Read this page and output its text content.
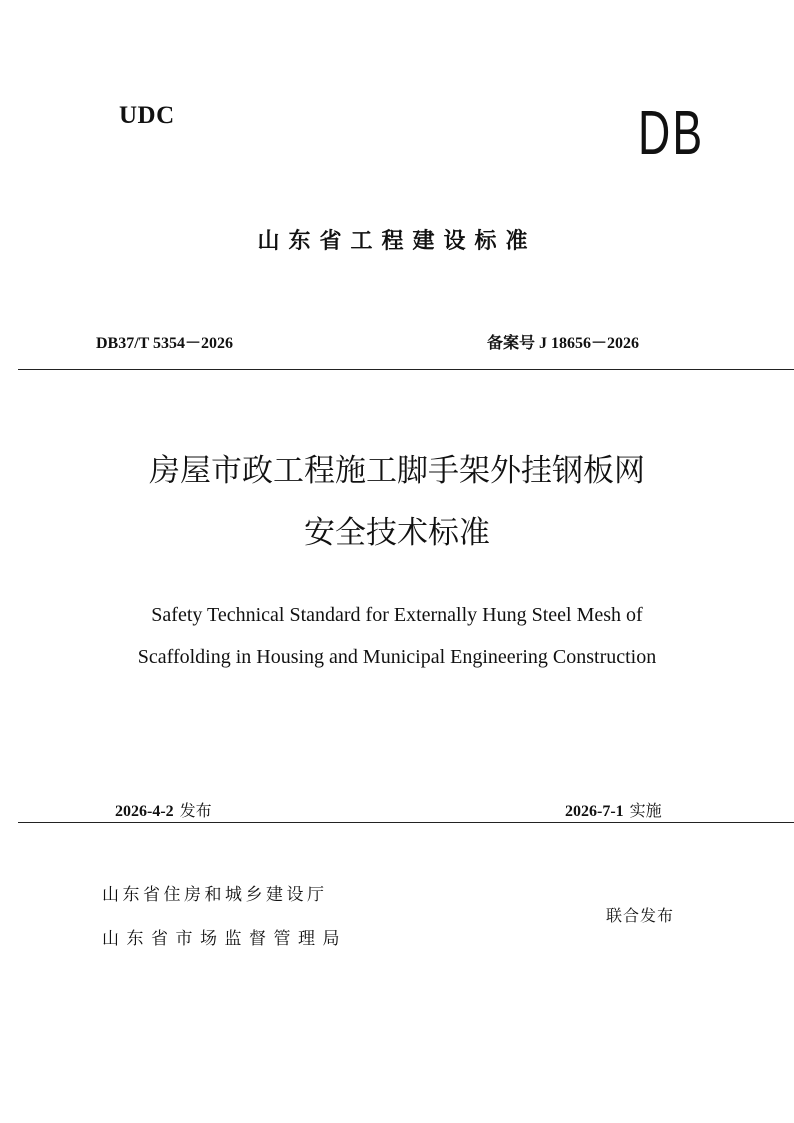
UDC	DB
山东省工程建设标准
DB37/T 5354－2026	备案号 J 18656－2026
房屋市政工程施工脚手架外挂钢板网
安全技术标准
Safety Technical Standard for Externally Hung Steel Mesh of
Scaffolding in Housing and Municipal Engineering Construction
2026-4-2 发布	2026-7-1 实施
山东省住房和城乡建设厅
山东省市场监督管理局
联合发布
